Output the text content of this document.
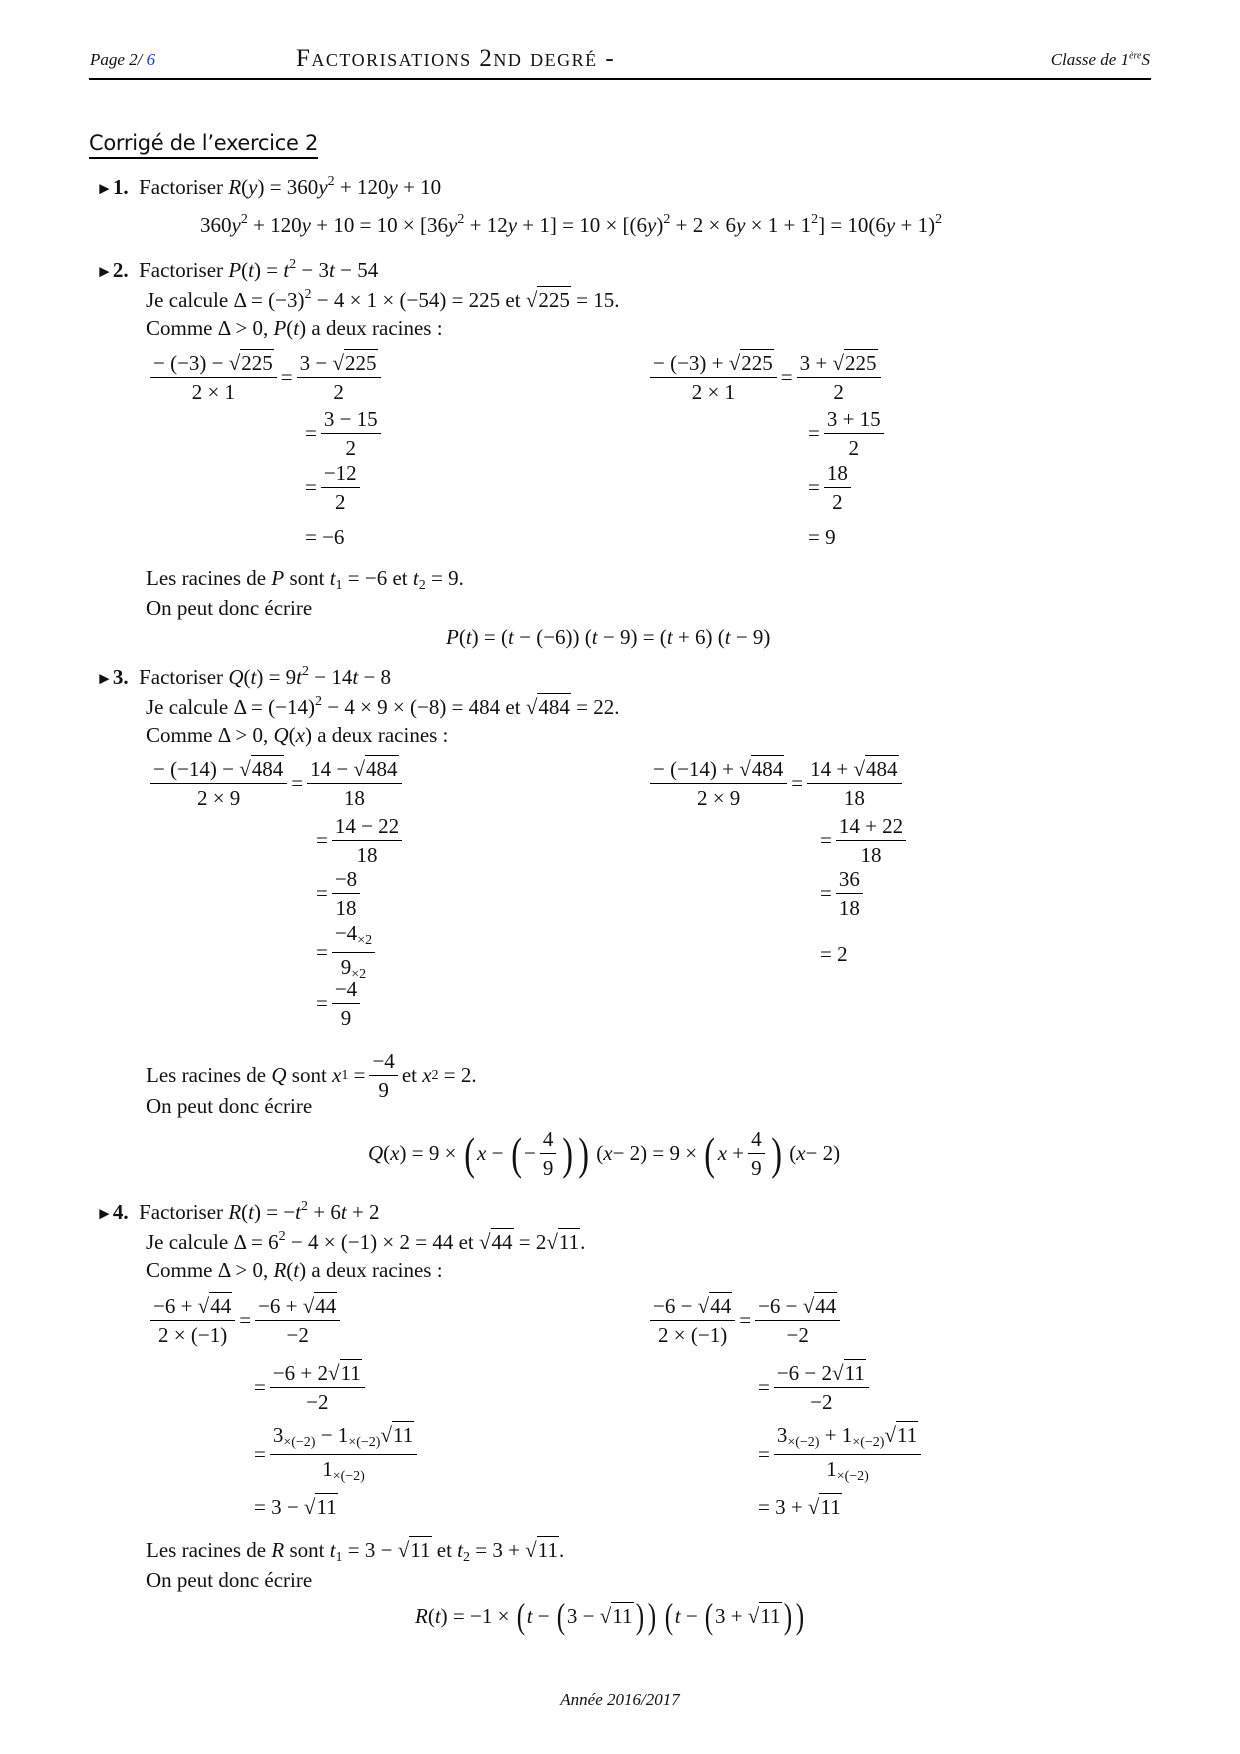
Page 2/ 6	Factorisations 2nd degré -	Classe de 1èreS
Corrigé de l’exercice 2
►1. Factoriser $R(y) = 360y^2 + 120y + 10$
$360y^2 + 120y + 10 = 10 \times [36y^2 + 12y + 1] = 10 \times [(6y)^2 + 2 \times 6y \times 1 + 1^2] = 10(6y + 1)^2$
►2. Factoriser $P(t) = t^2 - 3t - 54$
Je calcule $\Delta = (-3)^2 - 4 \times 1 \times (-54) = 225$ et √225 = 15.
Comme Δ > 0, P(t) a deux racines :
$\frac{- (-3) - √225}{2 \times 1} = \frac{3 - √225}{2}$
= $\frac{3 - 15}{2}$
= $\frac{-12}{2}$
= −6
$\frac{- (-3) + √225}{2 \times 1} = \frac{3 + √225}{2}$
= $\frac{3 + 15}{2}$
= $\frac{18}{2}$
= 9
Les racines de P sont $t_1 = -6$ et $t_2 = 9$.
On peut donc écrire
P(t) = (t − (−6)) (t − 9) = (t + 6) (t − 9)
►3. Factoriser $Q(t) = 9t^2 - 14t - 8$
Je calcule $\Delta = (-14)^2 - 4 \times 9 \times (-8) = 484$ et √484 = 22.
Comme Δ > 0, Q(x) a deux racines :
$\frac{- (-14) - √484}{2 \times 9} = \frac{14 - √484}{18}$
= $\frac{14 - 22}{18}$
= $\frac{-8}{18}$
= $\frac{-4_{\times 2}}{9_{\times 2}}$
= $\frac{-4}{9}$
$\frac{- (-14) + √484}{2 \times 9} = \frac{14 + √484}{18}$
= $\frac{14 + 22}{18}$
= $\frac{36}{18}$
= 2
Les racines de
Q
sont
x $1 = \frac{-4}{9}$ et
x 2 = 2.
On peut donc écrire
Q ( x ) = 9 × ( x − ( − $\frac{4}{9}$ ) ) ( x − 2) = 9 × ( $x + \frac{4}{9}$ ) ( x − 2)
►4. Factoriser $R(t) = -t^2 + 6t + 2$
Je calcule $\Delta = 6^2 - 4 \times (-1) \times 2 = 44$ et √44 = 2√11.
Comme Δ > 0, R(t) a deux racines :
$\frac{-6 + √44}{2 \times (-1)} = \frac{-6 + √44}{-2}$
= $\frac{-6 + 2√11}{-2}$
= $\frac{3_{\times(-2)} - 1_{\times(-2)}√11}{1_{\times(-2)}}$
= 3 − √ 11
$\frac{-6 - √44}{2 \times (-1)} = \frac{-6 - √44}{-2}$
= $\frac{-6 - 2√11}{-2}$
= $\frac{3_{\times(-2)} + 1_{\times(-2)}√11}{1_{\times(-2)}}$
= 3 + √ 11
Les racines de R sont $t_1 = 3 - √11$ et $t_2 = 3 + √11$.
On peut donc écrire
R ( t ) = −1 × ( t − ( 3 − √ 11 ) )
( t − ( 3 + √ 11 ) )
Année 2016/2017
